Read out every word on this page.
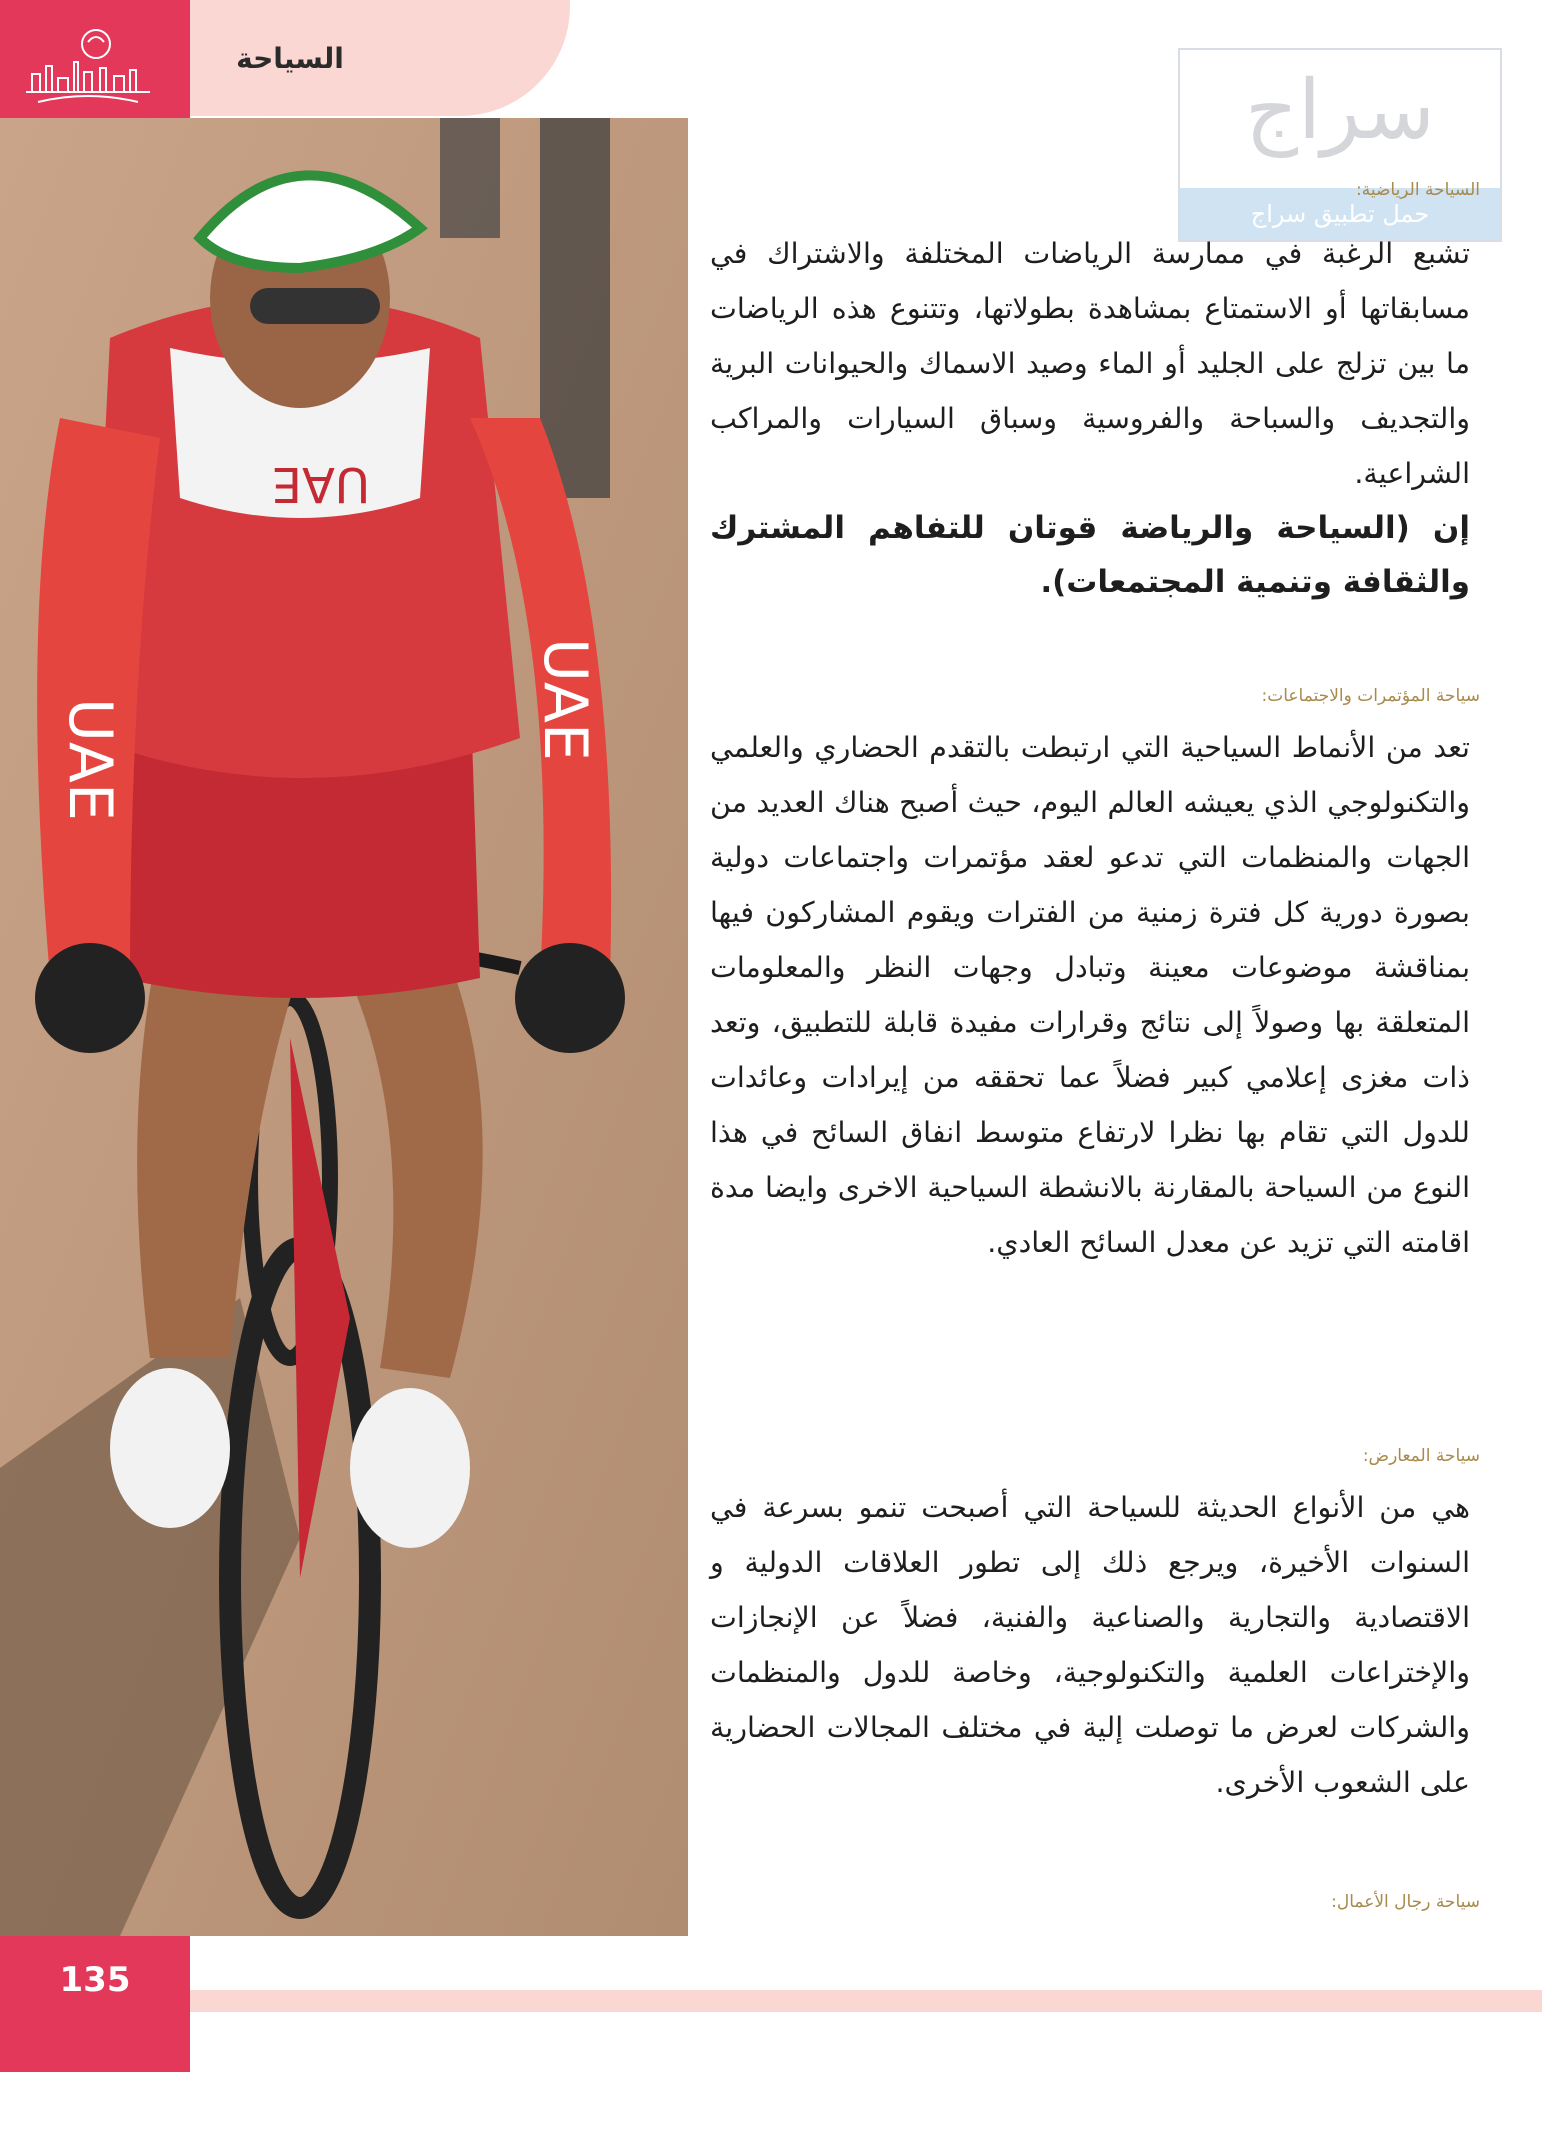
السياحة
UAE	UAE
UAE
سراج
حمل تطبيق سراج
السياحة الرياضية:

تشبع الرغبة في ممارسة الرياضات المختلفة والاشتراك في مسابقاتها أو الاستمتاع بمشاهدة بطولاتها، وتتنوع هذه الرياضات ما بين تزلج على الجليد أو الماء وصيد الاسماك والحيوانات البرية والتجديف والسباحة والفروسية وسباق السيارات والمراكب الشراعية.

إن (السياحة والرياضة قوتان للتفاهم المشترك والثقافة وتنمية المجتمعات).

سياحة المؤتمرات والاجتماعات:

تعد من الأنماط السياحية التي ارتبطت بالتقدم الحضاري والعلمي والتكنولوجي الذي يعيشه العالم اليوم، حيث أصبح هناك العديد من الجهات والمنظمات التي تدعو لعقد مؤتمرات واجتماعات دولية بصورة دورية كل فترة زمنية من الفترات ويقوم المشاركون فيها بمناقشة موضوعات معينة وتبادل وجهات النظر والمعلومات المتعلقة بها وصولاً إلى نتائج وقرارات مفيدة قابلة للتطبيق، وتعد ذات مغزى إعلامي كبير فضلاً عما تحققه من إيرادات وعائدات للدول التي تقام بها نظرا لارتفاع متوسط انفاق السائح في هذا النوع من السياحة بالمقارنة بالانشطة السياحية الاخرى وايضا مدة اقامته التي تزيد عن معدل السائح العادي.

سياحة المعارض:

هي من الأنواع الحديثة للسياحة التي أصبحت تنمو بسرعة في السنوات الأخيرة، ويرجع ذلك إلى تطور العلاقات الدولية و الاقتصادية والتجارية والصناعية والفنية، فضلاً عن الإنجازات والإختراعات العلمية والتكنولوجية، وخاصة للدول والمنظمات والشركات لعرض ما توصلت إلية في مختلف المجالات الحضارية على الشعوب الأخرى.

سياحة رجال الأعمال:
135
